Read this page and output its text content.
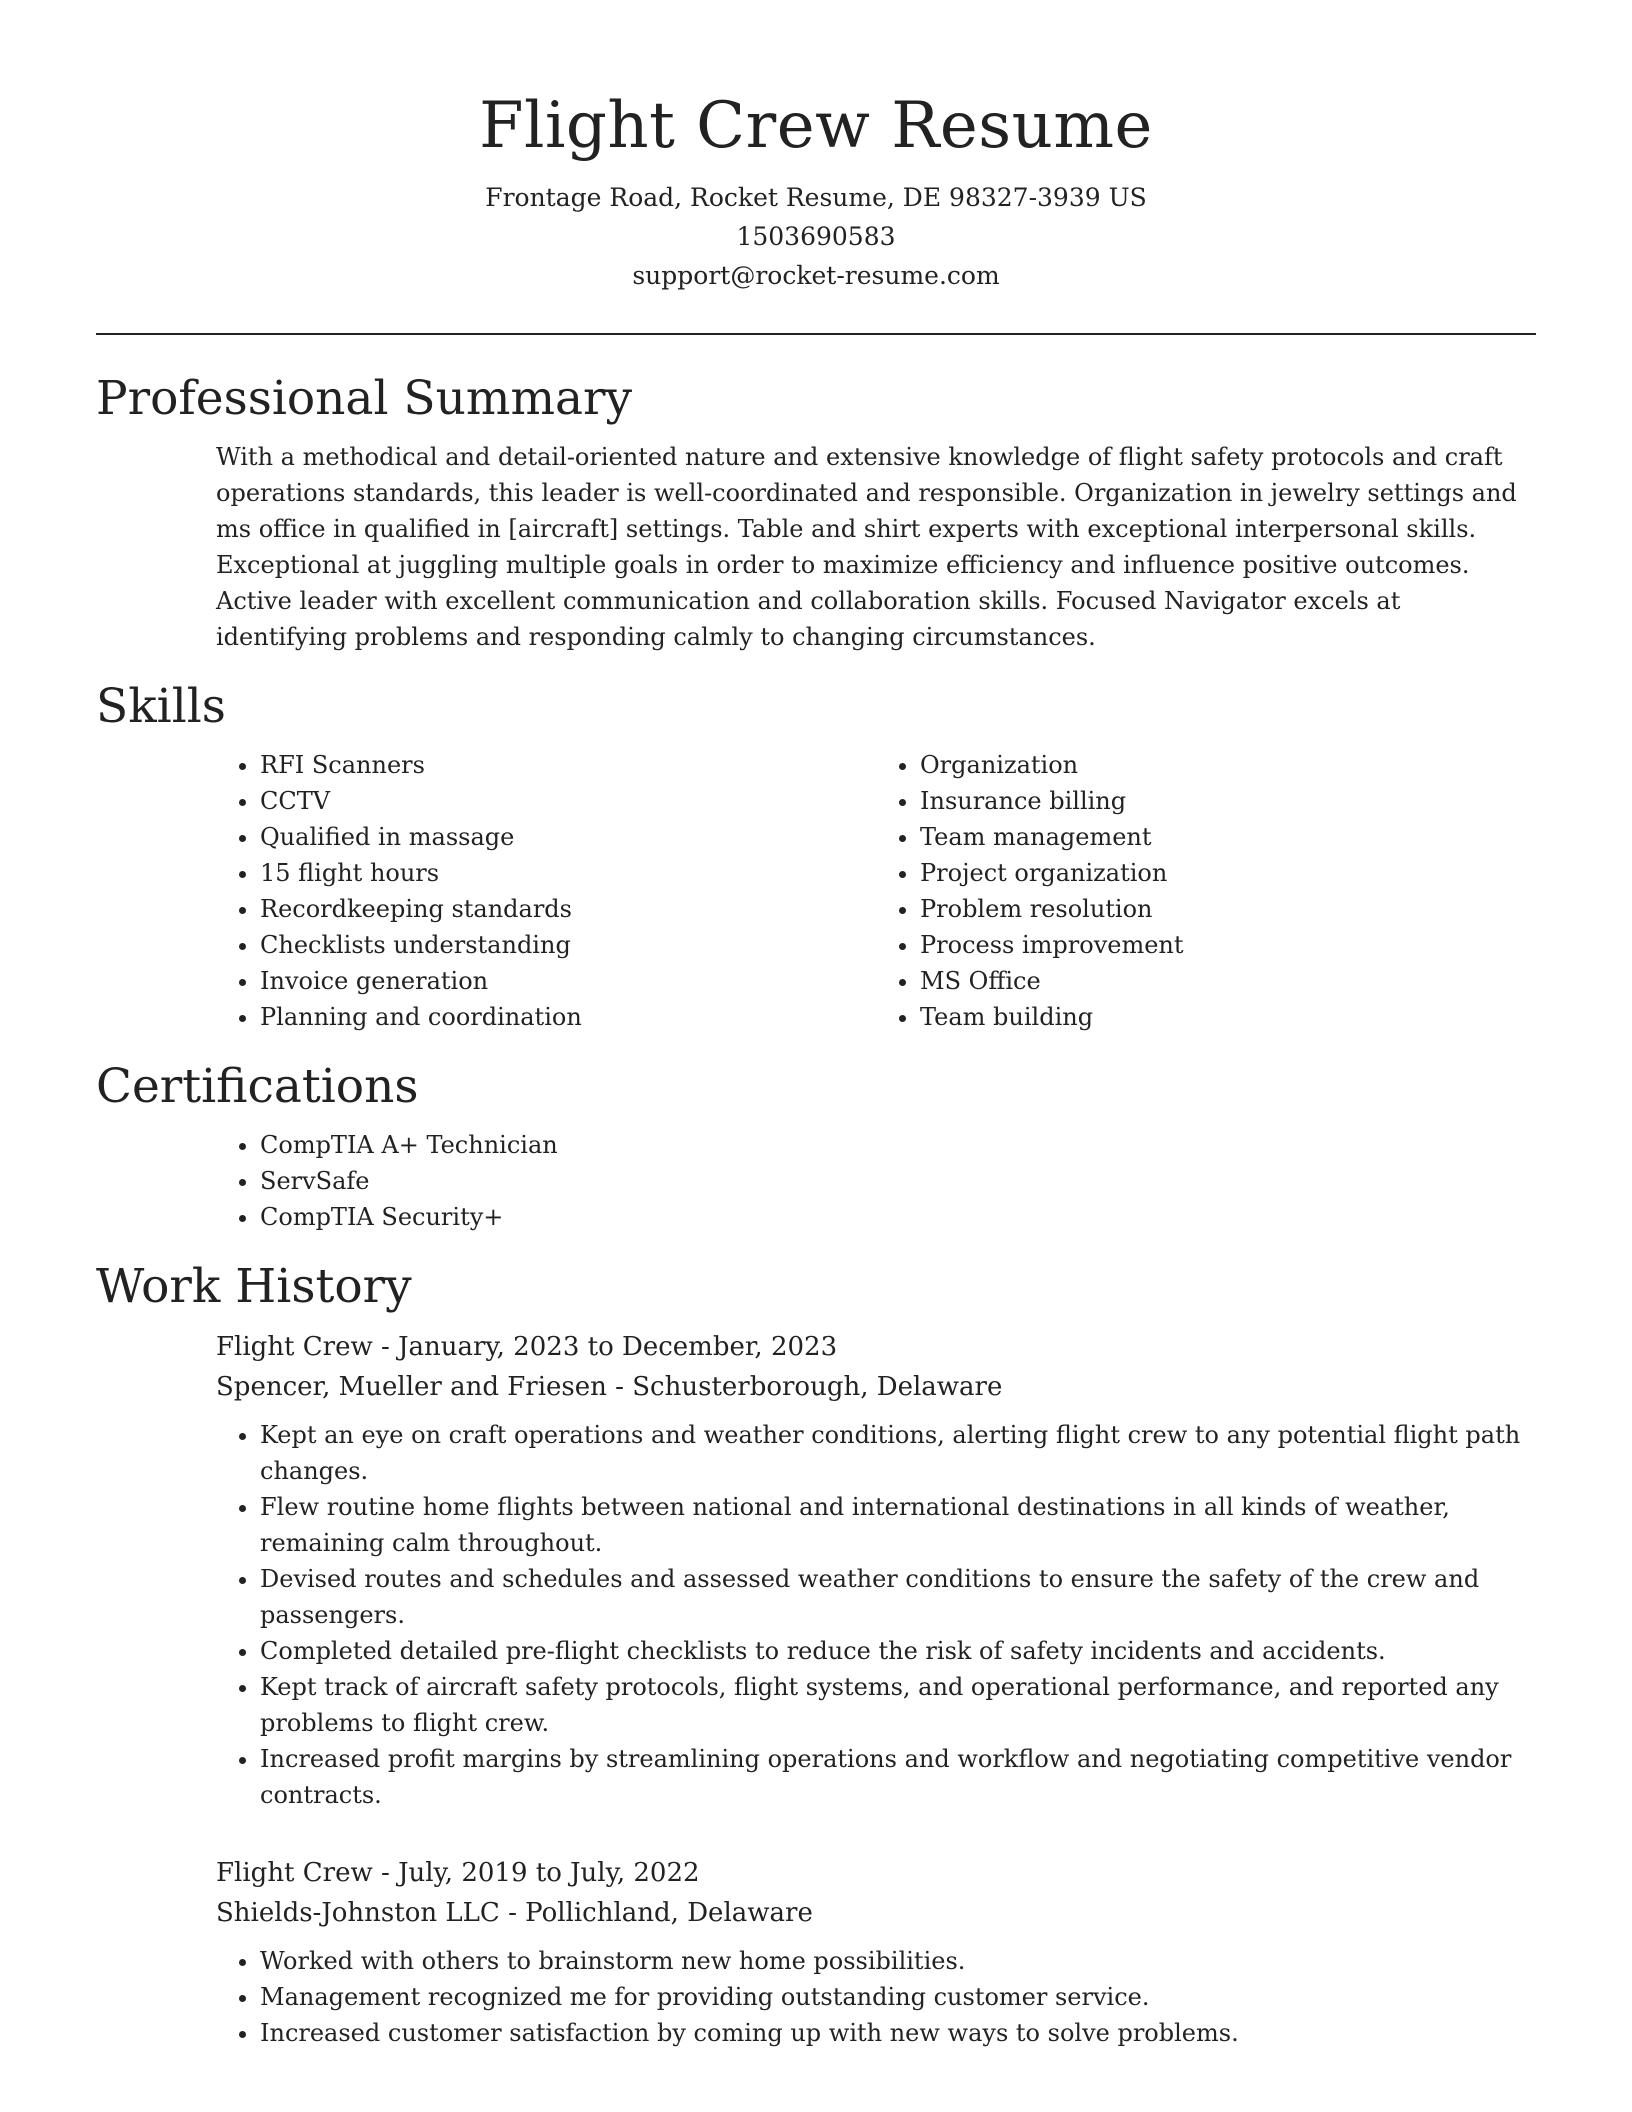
Flight Crew Resume
Frontage Road, Rocket Resume, DE 98327-3939 US
1503690583
support@rocket-resume.com
Professional Summary

With a methodical and detail-oriented nature and extensive knowledge of flight safety protocols and craft operations standards, this leader is well-coordinated and responsible. Organization in jewelry settings and ms office in qualified in [aircraft] settings. Table and shirt experts with exceptional interpersonal skills. Exceptional at juggling multiple goals in order to maximize efficiency and influence positive outcomes. Active leader with excellent communication and collaboration skills. Focused Navigator excels at identifying problems and responding calmly to changing circumstances.

Skills
• RFI Scanners
• CCTV
• Qualified in massage
• 15 flight hours
• Recordkeeping standards
• Checklists understanding
• Invoice generation
• Planning and coordination
• Organization
• Insurance billing
• Team management
• Project organization
• Problem resolution
• Process improvement
• MS Office
• Team building
Certifications
• CompTIA A+ Technician
• ServSafe
• CompTIA Security+
Work History
Flight Crew - January, 2023 to December, 2023
Spencer, Mueller and Friesen - Schusterborough, Delaware
• Kept an eye on craft operations and weather conditions, alerting flight crew to any potential flight path changes.
• Flew routine home flights between national and international destinations in all kinds of weather, remaining calm throughout.
• Devised routes and schedules and assessed weather conditions to ensure the safety of the crew and passengers.
• Completed detailed pre-flight checklists to reduce the risk of safety incidents and accidents.
• Kept track of aircraft safety protocols, flight systems, and operational performance, and reported any problems to flight crew.
• Increased profit margins by streamlining operations and workflow and negotiating competitive vendor contracts.
Flight Crew - July, 2019 to July, 2022
Shields-Johnston LLC - Pollichland, Delaware
• Worked with others to brainstorm new home possibilities.
• Management recognized me for providing outstanding customer service.
• Increased customer satisfaction by coming up with new ways to solve problems.
